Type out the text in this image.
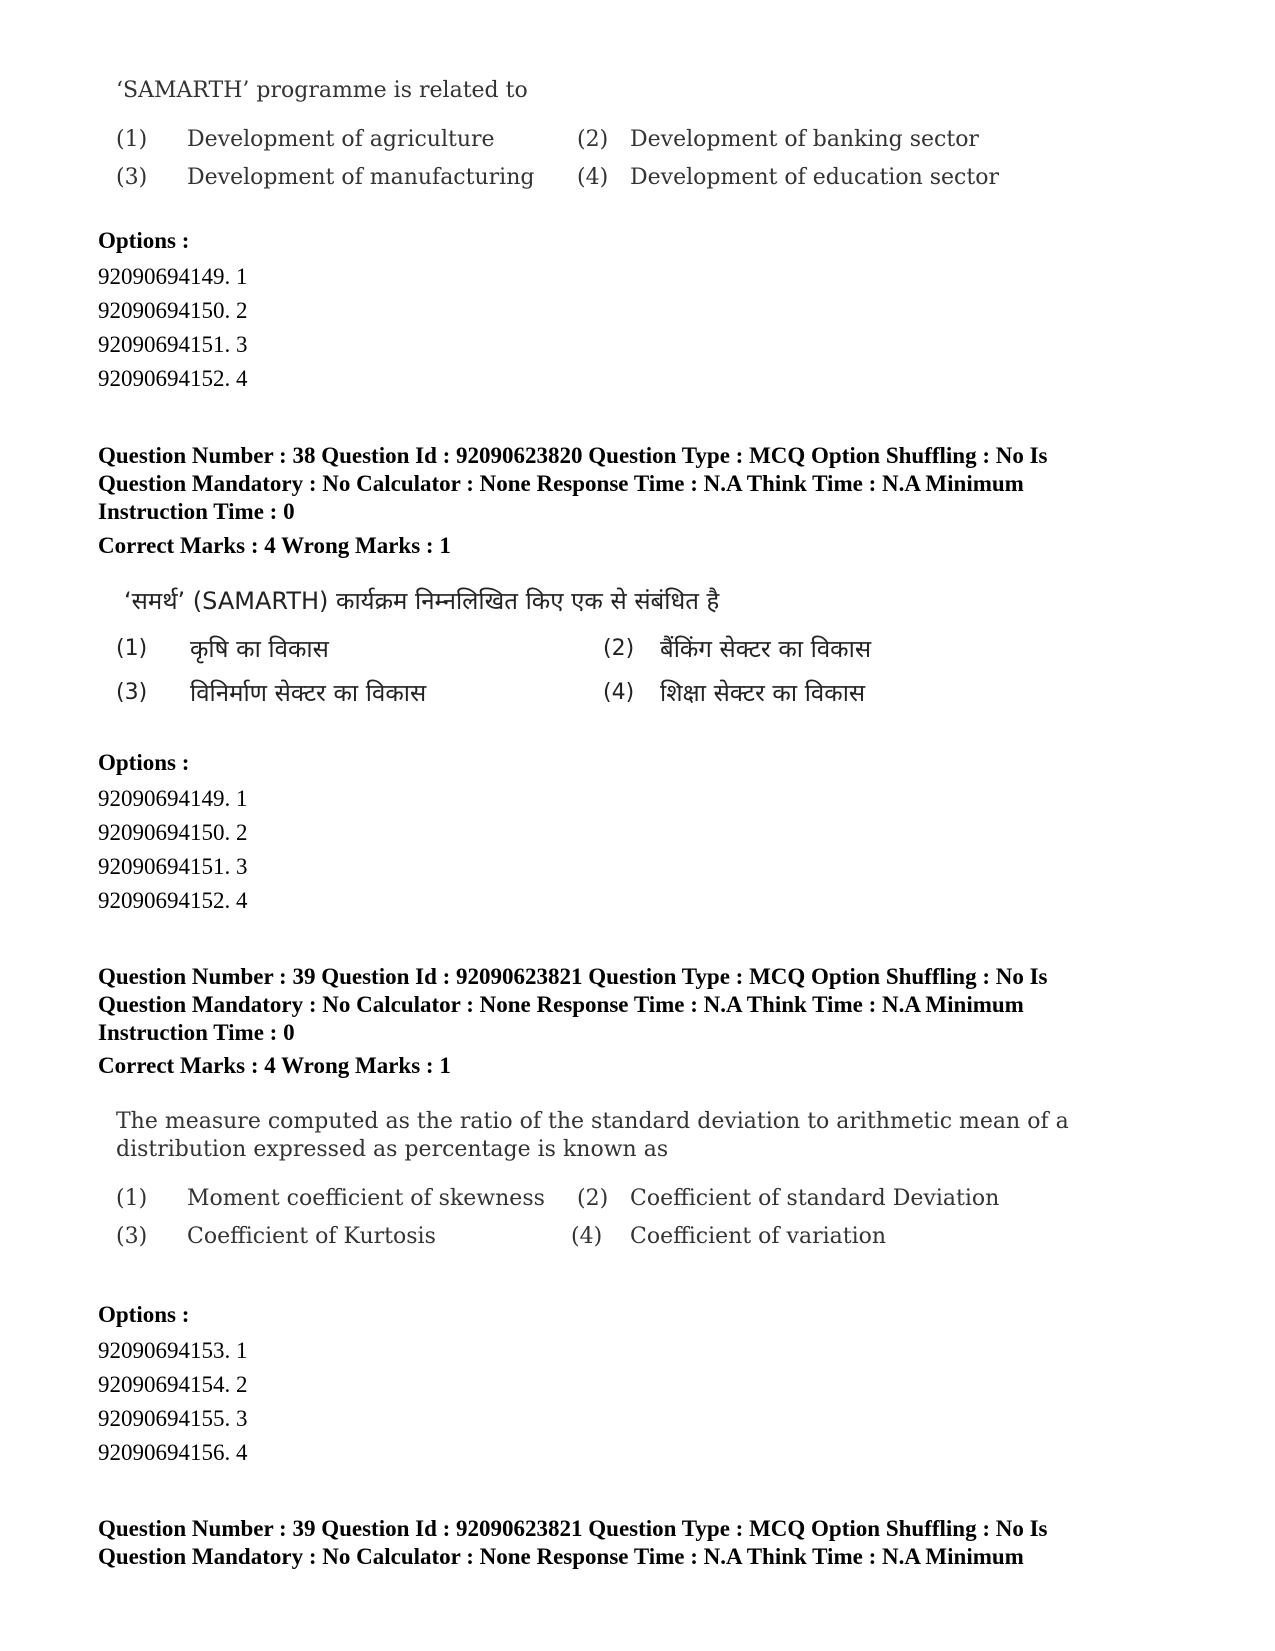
‘SAMARTH’ programme is related to
(1) Development of agriculture	(2) Development of banking sector
(3) Development of manufacturing (4) Development of education sector
Options :
92090694149. 1
92090694150. 2
92090694151. 3
92090694152. 4
Question Number : 38 Question Id : 92090623820 Question Type : MCQ Option Shuffling : No Is
Question Mandatory : No Calculator : None Response Time : N.A Think Time : N.A Minimum
Instruction Time : 0
Correct Marks : 4 Wrong Marks : 1
‘समर्थ’ (SAMARTH) कार्यक्रम निम्नलिखित किए एक से संबंधित है
(1) कृषि का विकास	(2) बैंकिंग सेक्टर का विकास
(3) विनिर्माण सेक्टर का विकास	(4) शिक्षा सेक्टर का विकास
Options :
92090694149. 1
92090694150. 2
92090694151. 3
92090694152. 4
Question Number : 39 Question Id : 92090623821 Question Type : MCQ Option Shuffling : No Is
Question Mandatory : No Calculator : None Response Time : N.A Think Time : N.A Minimum
Instruction Time : 0
Correct Marks : 4 Wrong Marks : 1
The measure computed as the ratio of the standard deviation to arithmetic mean of a
distribution expressed as percentage is known as
(1) Moment coefficient of skewness (2) Coefficient of standard Deviation
(3) Coefficient of Kurtosis	(4) Coefficient of variation
Options :
92090694153. 1
92090694154. 2
92090694155. 3
92090694156. 4
Question Number : 39 Question Id : 92090623821 Question Type : MCQ Option Shuffling : No Is
Question Mandatory : No Calculator : None Response Time : N.A Think Time : N.A Minimum
